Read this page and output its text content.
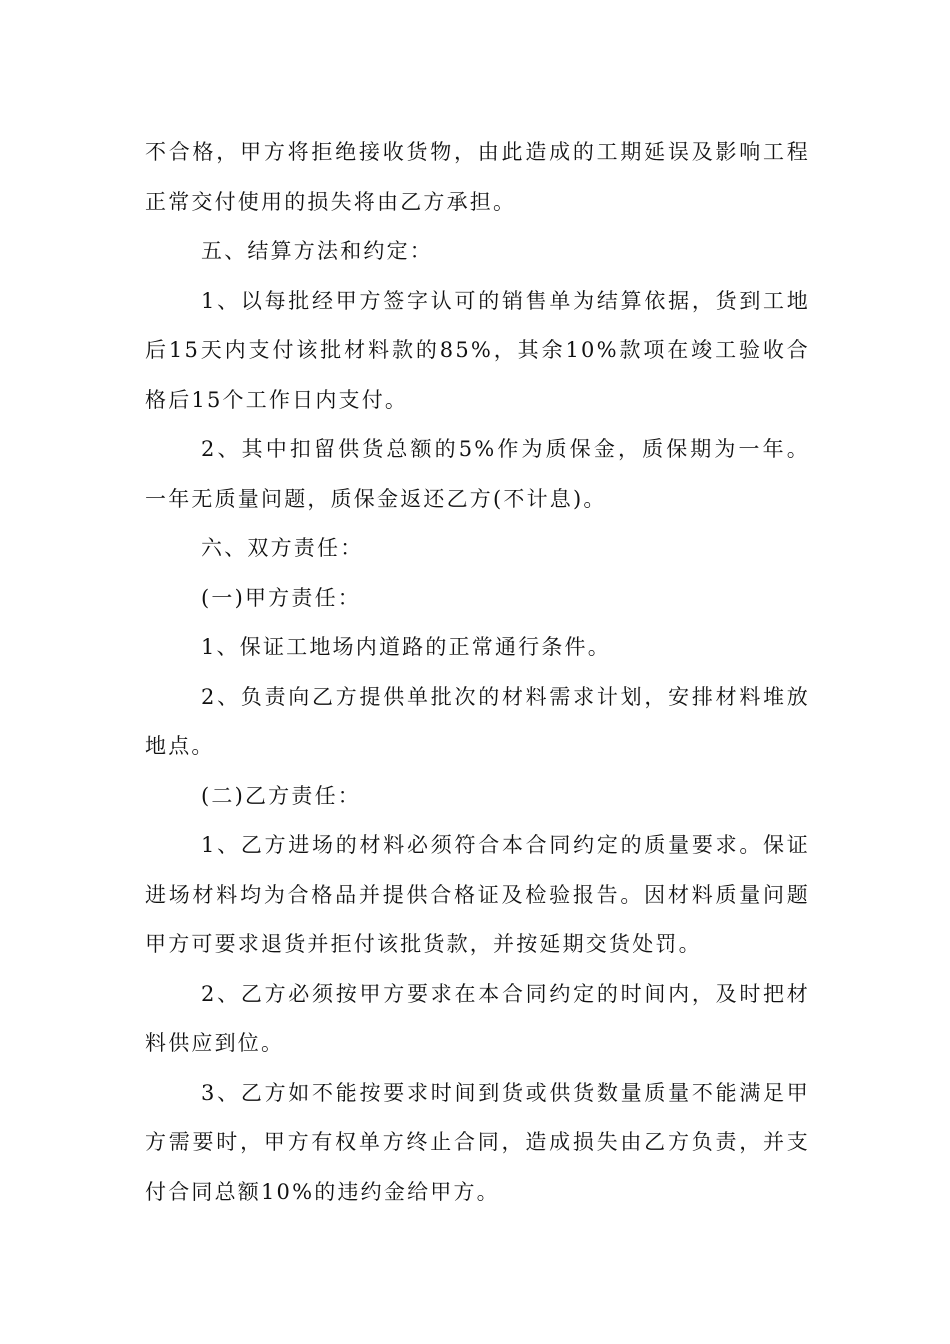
不合格，甲方将拒绝接收货物，由此造成的工期延误及影响工程正常交付使用的损失将由乙方承担。

五、结算方法和约定：

1、以每批经甲方签字认可的销售单为结算依据，货到工地后15天内支付该批材料款的85%，其余10%款项在竣工验收合格后15个工作日内支付。

2、其中扣留供货总额的5%作为质保金，质保期为一年。一年无质量问题，质保金返还乙方(不计息)。

六、双方责任：

(一)甲方责任：

1、保证工地场内道路的正常通行条件。

2、负责向乙方提供单批次的材料需求计划，安排材料堆放地点。

(二)乙方责任：

1、乙方进场的材料必须符合本合同约定的质量要求。保证进场材料均为合格品并提供合格证及检验报告。因材料质量问题甲方可要求退货并拒付该批货款，并按延期交货处罚。

2、乙方必须按甲方要求在本合同约定的时间内，及时把材料供应到位。

3、乙方如不能按要求时间到货或供货数量质量不能满足甲方需要时，甲方有权单方终止合同，造成损失由乙方负责，并支付合同总额10%的违约金给甲方。
